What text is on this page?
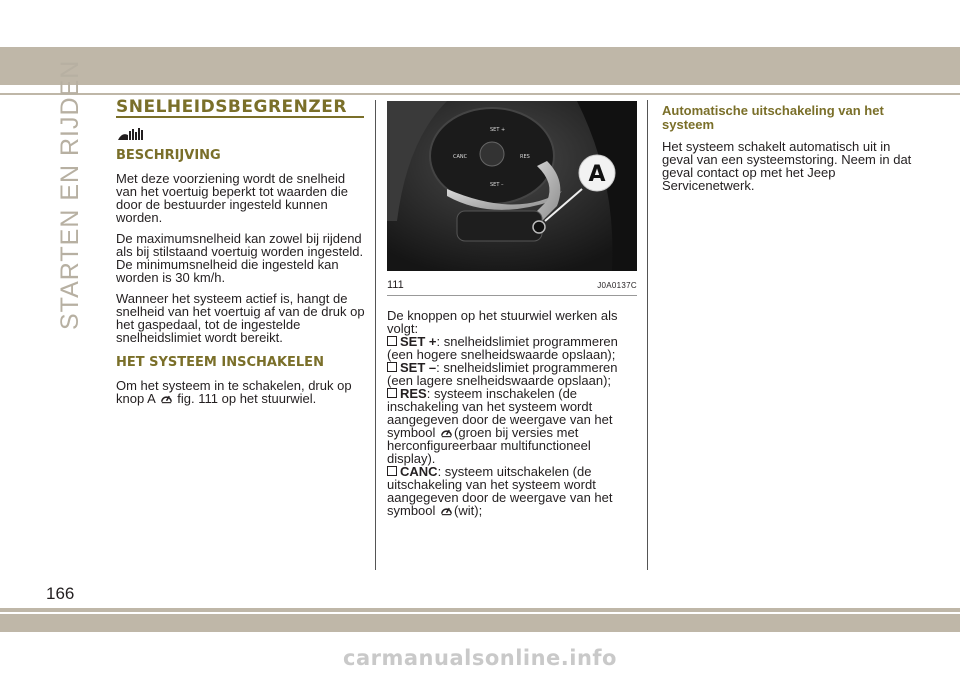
STARTEN EN RIJDEN SNELHEIDSBEGRENZER
BESCHRIJVING

Met deze voorziening wordt de snelheid van het voertuig beperkt tot waarden die door de bestuurder ingesteld kunnen worden.

De maximumsnelheid kan zowel bij rijdend als bij stilstaand voertuig worden ingesteld. De minimumsnelheid die ingesteld kan worden is 30 km/h.

Wanneer het systeem actief is, hangt de snelheid van het voertuig af van de druk op het gaspedaal, tot de ingestelde snelheidslimiet wordt bereikt.

HET SYSTEEM INSCHAKELEN

Om het systeem in te schakelen, druk op knop A fig. 111 op het stuurwiel.

SET +
CANC	RES
SET –	A
111	J0A0137C

De knoppen op het stuurwiel werken als volgt:

SET +: snelheidslimiet programmeren (een hogere snelheidswaarde opslaan);
SET –: snelheidslimiet programmeren (een lagere snelheidswaarde opslaan);
RES: systeem inschakelen (de inschakeling van het systeem wordt aangegeven door de weergave van het symbool (groen bij versies met herconfigureerbaar multifunctioneel display).
CANC: systeem uitschakelen (de uitschakeling van het systeem wordt aangegeven door de weergave van het symbool (wit);
Automatische uitschakeling van het systeem

Het systeem schakelt automatisch uit in geval van een systeemstoring. Neem in dat geval contact op met het Jeep Servicenetwerk.

166
carmanualsonline.info
